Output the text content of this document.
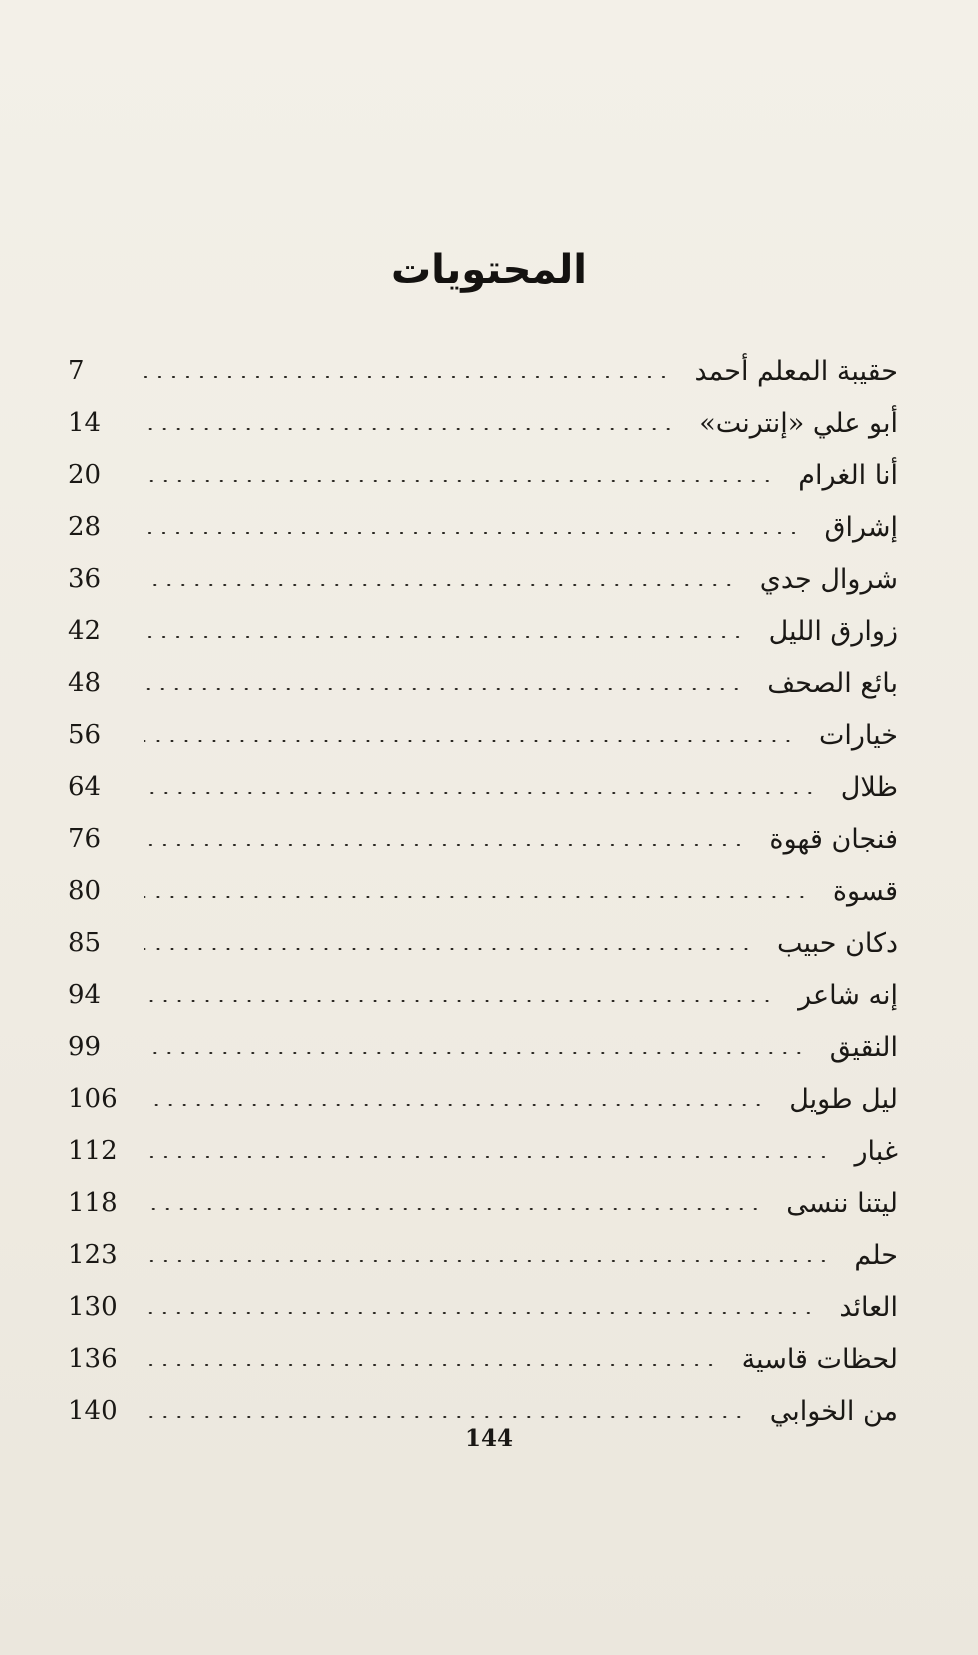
المحتويات
حقيبة المعلم أحمد
7
أبو علي «إنترنت»
14
أنا الغرام
20
إشراق
28
شروال جدي
36
زوارق الليل
42
بائع الصحف
48
خيارات
56
ظلال
64
فنجان قهوة
76
قسوة
80
دكان حبيب
85
إنه شاعر
94
النقيق
99
ليل طويل
106
غبار
112
ليتنا ننسى
118
حلم
123
العائد
130
لحظات قاسية
136
من الخوابي
140
144
